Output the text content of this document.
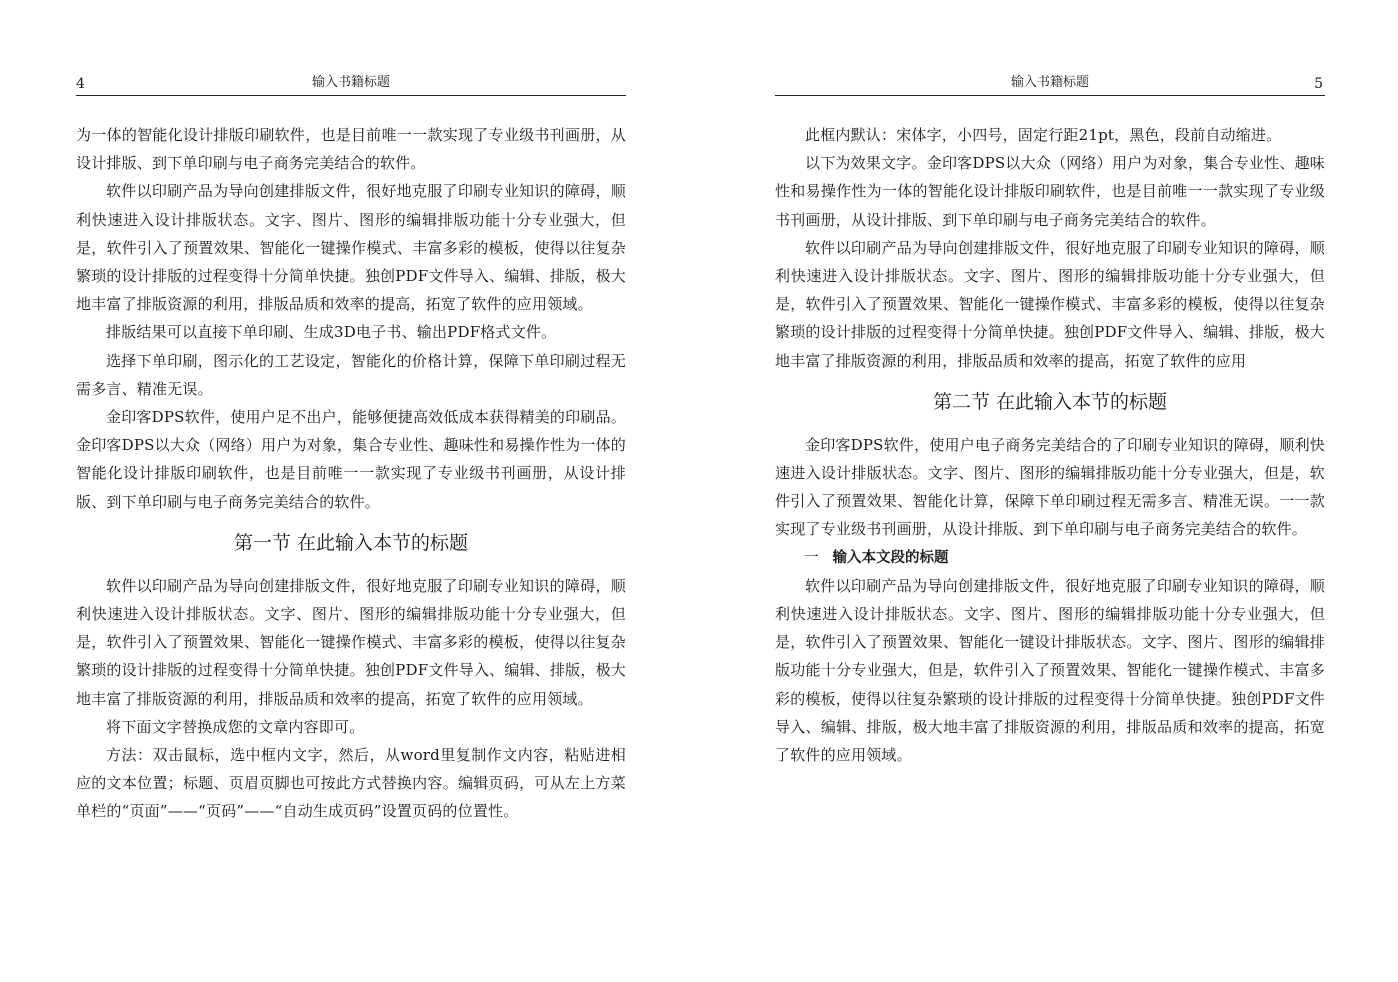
4	输入书籍标题

为一体的智能化设计排版印刷软件，也是目前唯一一款实现了专业级书刊画册，从设计排版、到下单印刷与电子商务完美结合的软件。

软件以印刷产品为导向创建排版文件，很好地克服了印刷专业知识的障碍，顺利快速进入设计排版状态。文字、图片、图形的编辑排版功能十分专业强大，但是，软件引入了预置效果、智能化一键操作模式、丰富多彩的模板，使得以往复杂繁琐的设计排版的过程变得十分简单快捷。独创PDF文件导入、编辑、排版，极大地丰富了排版资源的利用，排版品质和效率的提高，拓宽了软件的应用领域。

排版结果可以直接下单印刷、生成3D电子书、输出PDF格式文件。

选择下单印刷，图示化的工艺设定，智能化的价格计算，保障下单印刷过程无需多言、精准无误。

金印客DPS软件，使用户足不出户，能够便捷高效低成本获得精美的印刷品。金印客DPS以大众（网络）用户为对象，集合专业性、趣味性和易操作性为一体的智能化设计排版印刷软件，也是目前唯一一款实现了专业级书刊画册，从设计排版、到下单印刷与电子商务完美结合的软件。

第一节 在此输入本节的标题

软件以印刷产品为导向创建排版文件，很好地克服了印刷专业知识的障碍，顺利快速进入设计排版状态。文字、图片、图形的编辑排版功能十分专业强大，但是，软件引入了预置效果、智能化一键操作模式、丰富多彩的模板，使得以往复杂繁琐的设计排版的过程变得十分简单快捷。独创PDF文件导入、编辑、排版，极大地丰富了排版资源的利用，排版品质和效率的提高，拓宽了软件的应用领域。

将下面文字替换成您的文章内容即可。

方法：双击鼠标，选中框内文字，然后，从word里复制作文内容，粘贴进相应的文本位置；标题、页眉页脚也可按此方式替换内容。编辑页码，可从左上方菜单栏的“页面”——“页码”——“自动生成页码”设置页码的位置性。

输入书籍标题	5

此框内默认：宋体字，小四号，固定行距21pt，黑色，段前自动缩进。

以下为效果文字。金印客DPS以大众（网络）用户为对象，集合专业性、趣味性和易操作性为一体的智能化设计排版印刷软件，也是目前唯一一款实现了专业级书刊画册，从设计排版、到下单印刷与电子商务完美结合的软件。

软件以印刷产品为导向创建排版文件，很好地克服了印刷专业知识的障碍，顺利快速进入设计排版状态。文字、图片、图形的编辑排版功能十分专业强大，但是，软件引入了预置效果、智能化一键操作模式、丰富多彩的模板，使得以往复杂繁琐的设计排版的过程变得十分简单快捷。独创PDF文件导入、编辑、排版，极大地丰富了排版资源的利用，排版品质和效率的提高，拓宽了软件的应用

第二节 在此输入本节的标题

金印客DPS软件，使用户电子商务完美结合的了印刷专业知识的障碍，顺利快速进入设计排版状态。文字、图片、图形的编辑排版功能十分专业强大，但是，软件引入了预置效果、智能化计算，保障下单印刷过程无需多言、精准无误。一一款实现了专业级书刊画册，从设计排版、到下单印刷与电子商务完美结合的软件。

一 输入本文段的标题

软件以印刷产品为导向创建排版文件，很好地克服了印刷专业知识的障碍，顺利快速进入设计排版状态。文字、图片、图形的编辑排版功能十分专业强大，但是，软件引入了预置效果、智能化一键设计排版状态。文字、图片、图形的编辑排版功能十分专业强大，但是，软件引入了预置效果、智能化一键操作模式、丰富多彩的模板，使得以往复杂繁琐的设计排版的过程变得十分简单快捷。独创PDF文件导入、编辑、排版，极大地丰富了排版资源的利用，排版品质和效率的提高，拓宽了软件的应用领域。
